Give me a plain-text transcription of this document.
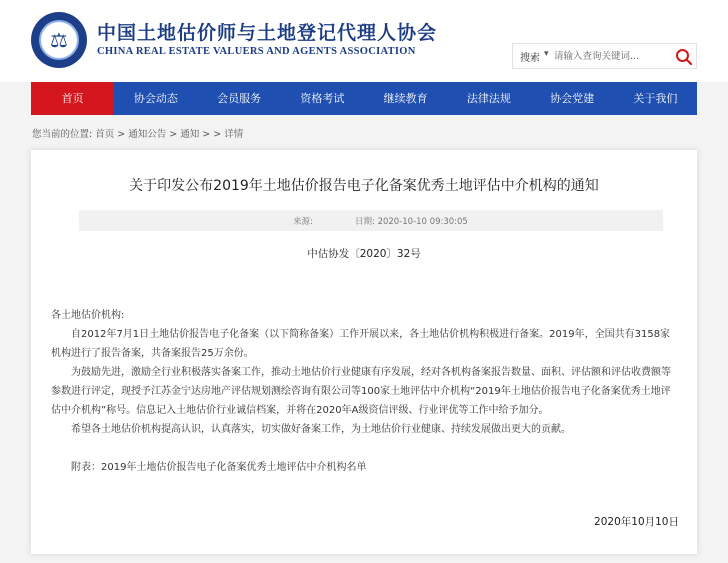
⚖	中国土地估价师与土地登记代理人协会
CHINA REAL ESTATE VALUERS AND AGENTS ASSOCIATION
搜索 ▾
请输入查询关键词...
首页	协会动态	会员服务	资格考试	继续教育	法律法规	协会党建	关于我们
您当前的位置: 首页 > 通知公告 > 通知 > > 详情
关于印发公布2019年土地估价报告电子化备案优秀土地评估中介机构的通知
来源:	日期: 2020-10-10 09:30:05
中估协发〔2020〕32号

各土地估价机构:

自2012年7月1日土地估价报告电子化备案（以下简称备案）工作开展以来，各土地估价机构积极进行备案。2019年，全国共有3158家机构进行了报告备案，共备案报告25万余份。

为鼓励先进，激励全行业积极落实备案工作，推动土地估价行业健康有序发展，经对各机构备案报告数量、面积、评估额和评估收费额等参数进行评定，现授予江苏金宁达房地产评估规划测绘咨询有限公司等100家土地评估中介机构“2019年土地估价报告电子化备案优秀土地评估中介机构”称号。信息记入土地估价行业诚信档案，并将在2020年A级资信评级、行业评优等工作中给予加分。

希望各土地估价机构提高认识，认真落实，切实做好备案工作，为土地估价行业健康、持续发展做出更大的贡献。

附表：2019年土地估价报告电子化备案优秀土地评估中介机构名单

2020年10月10日
